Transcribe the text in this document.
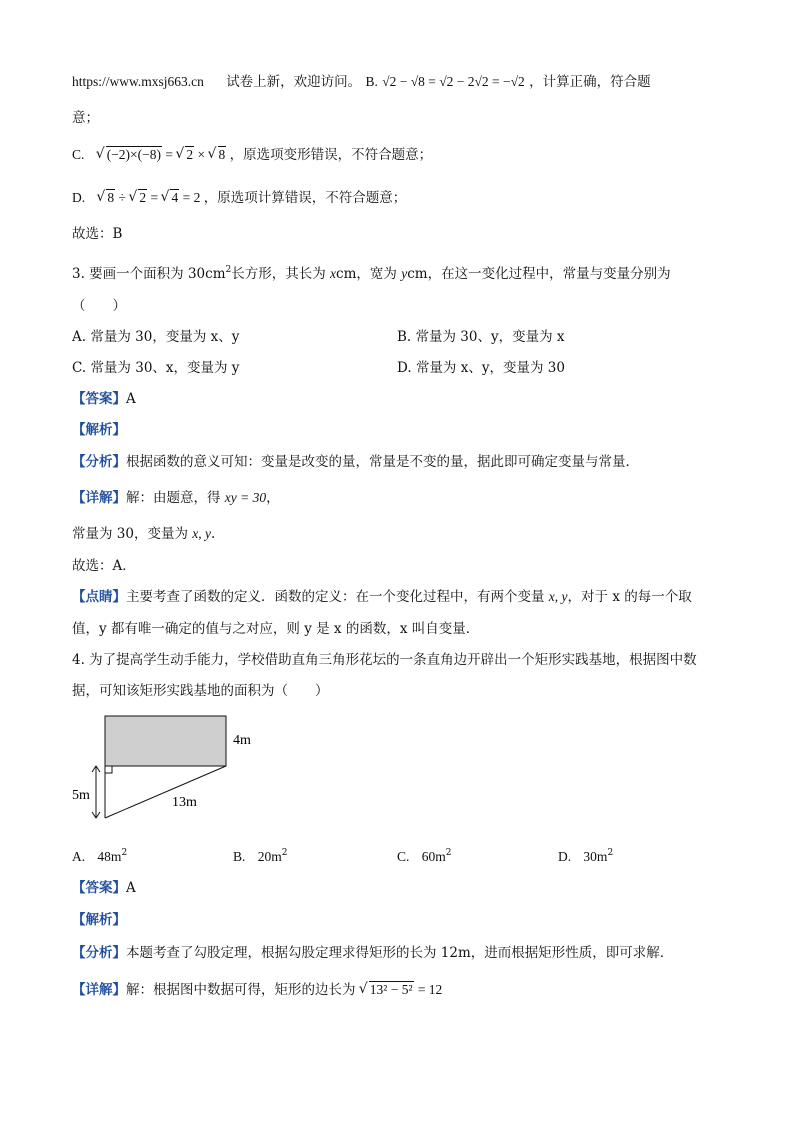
https://www.mxsj663.cn 试卷上新，欢迎访问。 B. √2 − √8 = √2 − 2√2 = −√2 ，计算正确，符合题
意；
C. √ (−2)×(−8) = √ 2 × √ 8 ，原选项变形错误，不符合题意；
D. √ 8 ÷ √ 2 = √ 4 = 2 ，原选项计算错误，不符合题意；
故选：B
3. 要画一个面积为 $30cm^2$长方形，其长为 xcm，宽为 ycm，在这一变化过程中，常量与变量分别为
（　　）
A. 常量为 30，变量为 x、y	B. 常量为 30、y，变量为 x
C. 常量为 30、x，变量为 y	D. 常量为 x、y，变量为 30
【答案】A
【解析】
【分析】根据函数的意义可知：变量是改变的量，常量是不变的量，据此即可确定变量与常量．
【详解】解：由题意，得 xy = 30，
常量为 30，变量为 x, y.
故选：A．
【点睛】主要考查了函数的定义．函数的定义：在一个变化过程中，有两个变量 x, y，对于 x 的每一个取
值，y 都有唯一确定的值与之对应，则 y 是 x 的函数，x 叫自变量．
4. 为了提高学生动手能力，学校借助直角三角形花坛的一条直角边开辟出一个矩形实践基地，根据图中数
据，可知该矩形实践基地的面积为（　　）
4m
5m	13m
A. $48m^2$	B. $20m^2$	C. $60m^2$	D. $30m^2$
【答案】A
【解析】
【分析】本题考查了勾股定理，根据勾股定理求得矩形的长为 12m，进而根据矩形性质，即可求解．
【详解】解：根据图中数据可得，矩形的边长为 √ 13² − 5² = 12
